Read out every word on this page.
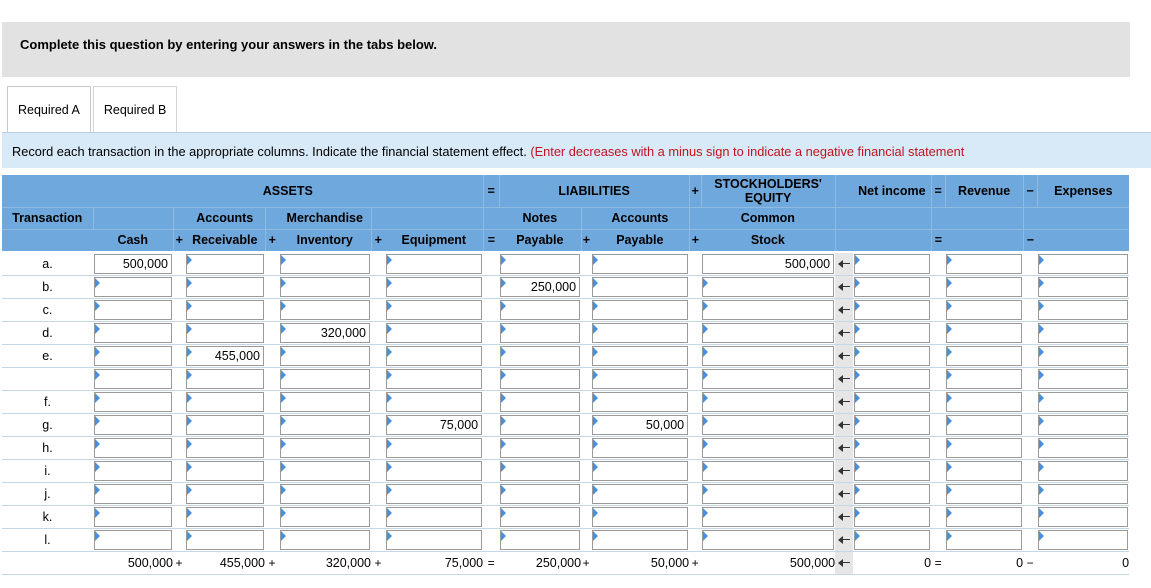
Complete this question by entering your answers in the tabs below.
Required A	Required B
Record each transaction in the appropriate columns. Indicate the financial statement effect. (Enter decreases with a minus sign to indicate a negative financial statement
	ASSETS							=	LIABILITIES			+	STOCKHOLDERS' EQUITY		Net income	=	Revenue	−	Expenses
Transaction			Accounts		Merchandise				Notes		Accounts		Common						
	Cash	+	Receivable	+	Inventory	+	Equipment	=	Payable	+	Payable	+	Stock			=		−	
a.	500,000												500,000						

b.									250,000										

c.	

d.					320,000														

e.			455,000																

f.	

g.							75,000				50,000								

h.	

i.	

j.	

k.	

l.	

	500,000	+	455,000	+	320,000	+	75,000	=	250,000	+	50,000	+	500,000		0	=	0	−	0
